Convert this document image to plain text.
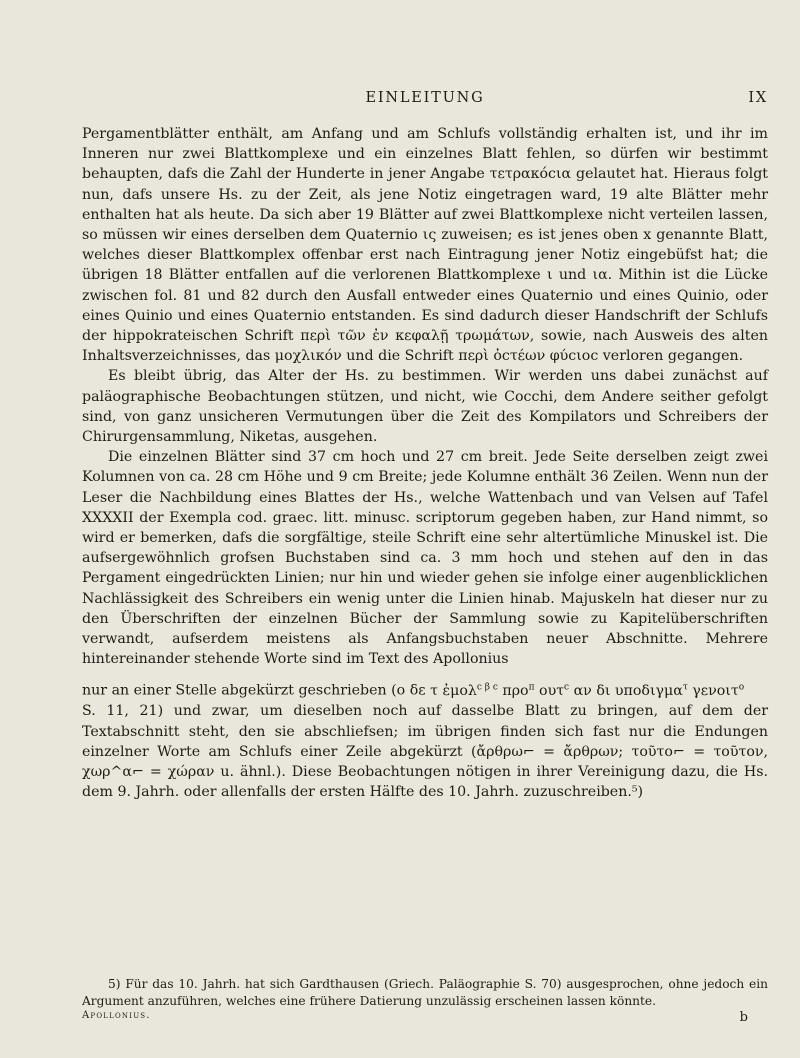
EINLEITUNG	IX

Pergamentblätter enthält, am Anfang und am Schlufs vollständig erhalten ist, und ihr im Inneren nur zwei Blattkomplexe und ein einzelnes Blatt fehlen, so dürfen wir bestimmt behaupten, dafs die Zahl der Hunderte in jener Angabe τετρακόcια gelautet hat. Hieraus folgt nun, dafs unsere Hs. zu der Zeit, als jene Notiz eingetragen ward, 19 alte Blätter mehr enthalten hat als heute. Da sich aber 19 Blätter auf zwei Blattkomplexe nicht verteilen lassen, so müssen wir eines derselben dem Quaternio ις zuweisen; es ist jenes oben x genannte Blatt, welches dieser Blattkomplex offenbar erst nach Eintragung jener Notiz eingebüfst hat; die übrigen 18 Blätter entfallen auf die verlorenen Blattkomplexe ι und ια. Mithin ist die Lücke zwischen fol. 81 und 82 durch den Ausfall entweder eines Quaternio und eines Quinio, oder eines Quinio und eines Quaternio entstanden. Es sind dadurch dieser Handschrift der Schlufs der hippokrateischen Schrift περὶ τῶν ἐν κεφαλῇ τρωμάτων, sowie, nach Ausweis des alten Inhaltsverzeichnisses, das μοχλικόν und die Schrift περὶ ὀcτέων φύcιοc verloren gegangen.

Es bleibt übrig, das Alter der Hs. zu bestimmen. Wir werden uns dabei zunächst auf paläographische Beobachtungen stützen, und nicht, wie Cocchi, dem Andere seither gefolgt sind, von ganz unsicheren Vermutungen über die Zeit des Kompilators und Schreibers der Chirurgensammlung, Niketas, ausgehen.

Die einzelnen Blätter sind 37 cm hoch und 27 cm breit. Jede Seite derselben zeigt zwei Kolumnen von ca. 28 cm Höhe und 9 cm Breite; jede Kolumne enthält 36 Zeilen. Wenn nun der Leser die Nachbildung eines Blattes der Hs., welche Wattenbach und van Velsen auf Tafel XXXXII der Exempla cod. graec. litt. minusc. scriptorum gegeben haben, zur Hand nimmt, so wird er bemerken, dafs die sorgfältige, steile Schrift eine sehr altertümliche Minuskel ist. Die aufsergewöhnlich grofsen Buchstaben sind ca. 3 mm hoch und stehen auf den in das Pergament eingedrückten Linien; nur hin und wieder gehen sie infolge einer augenblicklichen Nachlässigkeit des Schreibers ein wenig unter die Linien hinab. Majuskeln hat dieser nur zu den Überschriften der einzelnen Bücher der Sammlung sowie zu Kapitelüberschriften verwandt, aufserdem meistens als Anfangsbuchstaben neuer Abschnitte. Mehrere hintereinander stehende Worte sind im Text des Apollonius

nur an einer Stelle abgekürzt geschrieben (ο δε τ ἐμολ$^{ϲ \beta ϲ}$ προ$^\pi$ ουτ$^ϲ$ αν δι υποδιγμα$^\tau$ γενοιτ$^o$

S. 11, 21) und zwar, um dieselben noch auf dasselbe Blatt zu bringen, auf dem der Textabschnitt steht, den sie abschliefsen; im übrigen finden sich fast nur die Endungen einzelner Worte am Schlufs einer Zeile abgekürzt (ἄρθρω⌐ = ἄρθρων; τοῦτο⌐ = τοῦτον, χωρ^α⌐ = χώραν u. ähnl.). Diese Beobachtungen nötigen in ihrer Vereinigung dazu, die Hs. dem 9. Jahrh. oder allenfalls der ersten Hälfte des 10. Jahrh. zuzuschreiben.⁵)

5) Für das 10. Jahrh. hat sich Gardthausen (Griech. Paläographie S. 70) ausgesprochen, ohne jedoch ein Argument anzuführen, welches eine frühere Datierung unzulässig erscheinen lassen könnte.

Apollonius.	b
